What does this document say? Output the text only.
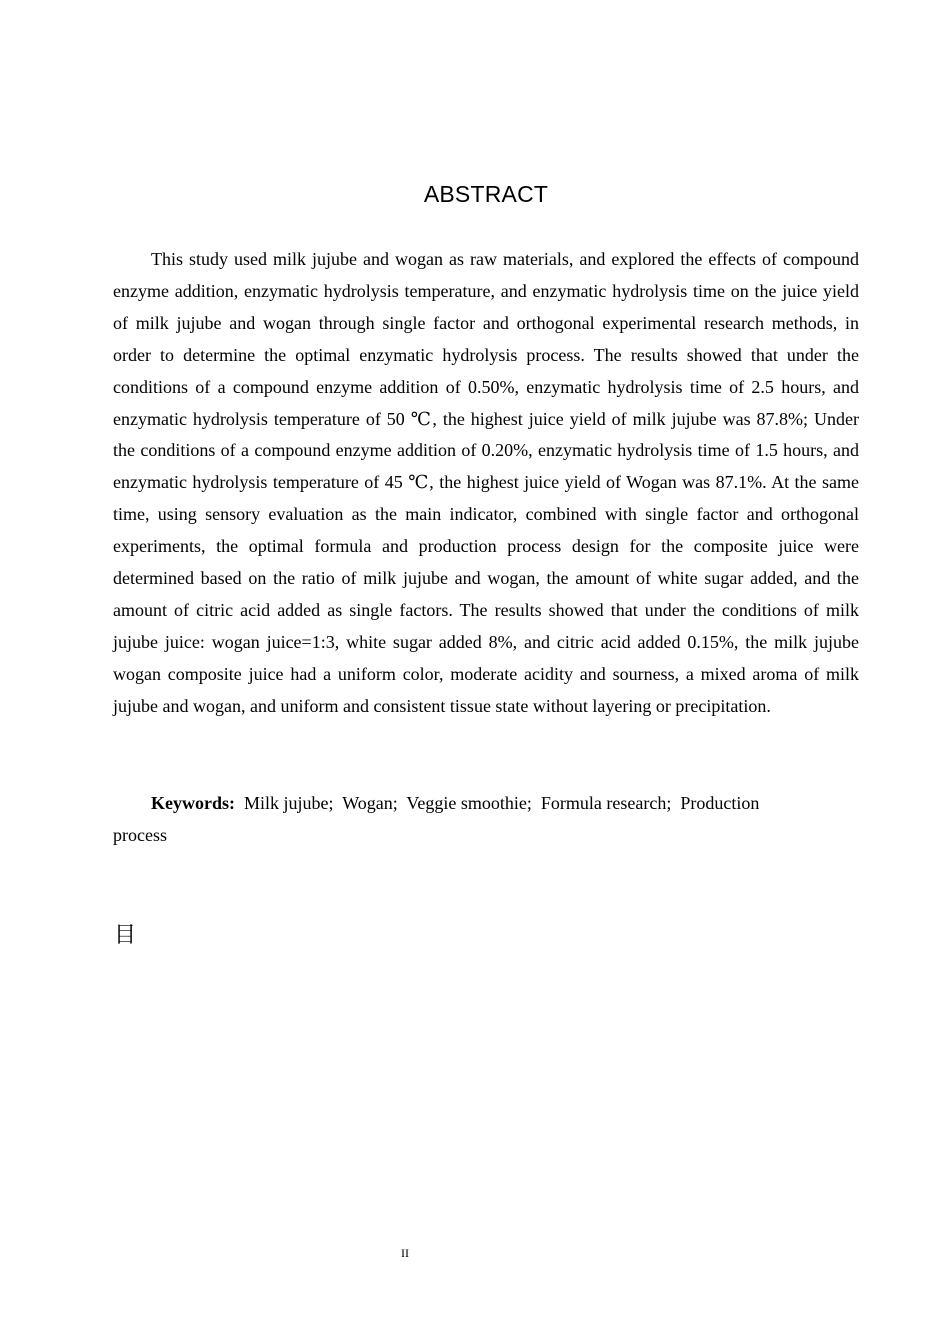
ABSTRACT

This study used milk jujube and wogan as raw materials, and explored the effects of compound enzyme addition, enzymatic hydrolysis temperature, and enzymatic hydrolysis time on the juice yield of milk jujube and wogan through single factor and orthogonal experimental research methods, in order to determine the optimal enzymatic hydrolysis process. The results showed that under the conditions of a compound enzyme addition of 0.50%, enzymatic hydrolysis time of 2.5 hours, and enzymatic hydrolysis temperature of 50 ℃, the highest juice yield of milk jujube was 87.8%; Under the conditions of a compound enzyme addition of 0.20%, enzymatic hydrolysis time of 1.5 hours, and enzymatic hydrolysis temperature of 45 ℃, the highest juice yield of Wogan was 87.1%. At the same time, using sensory evaluation as the main indicator, combined with single factor and orthogonal experiments, the optimal formula and production process design for the composite juice were determined based on the ratio of milk jujube and wogan, the amount of white sugar added, and the amount of citric acid added as single factors. The results showed that under the conditions of milk jujube juice: wogan juice=1:3, white sugar added 8%, and citric acid added 0.15%, the milk jujube wogan composite juice had a uniform color, moderate acidity and sourness, a mixed aroma of milk jujube and wogan, and uniform and consistent tissue state without layering or precipitation.

Keywords: Milk jujube; Wogan; Veggie smoothie; Formula research; Production process

目
II
